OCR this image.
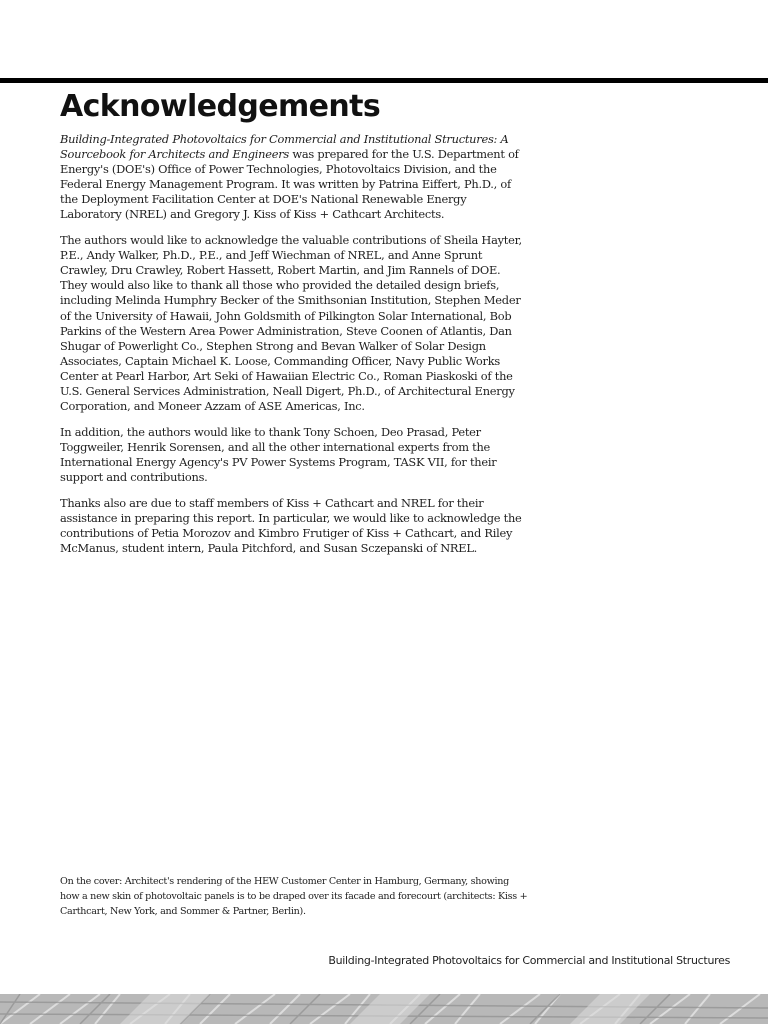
Acknowledgements

Building-Integrated Photovoltaics for Commercial and Institutional Structures: A Sourcebook for Architects and Engineers was prepared for the U.S. Department of Energy's (DOE's) Office of Power Technologies, Photovoltaics Division, and the Federal Energy Management Program. It was written by Patrina Eiffert, Ph.D., of the Deployment Facilitation Center at DOE's National Renewable Energy Laboratory (NREL) and Gregory J. Kiss of Kiss + Cathcart Architects.

The authors would like to acknowledge the valuable contributions of Sheila Hayter, P.E., Andy Walker, Ph.D., P.E., and Jeff Wiechman of NREL, and Anne Sprunt Crawley, Dru Crawley, Robert Hassett, Robert Martin, and Jim Rannels of DOE. They would also like to thank all those who provided the detailed design briefs, including Melinda Humphry Becker of the Smithsonian Institution, Stephen Meder of the University of Hawaii, John Goldsmith of Pilkington Solar International, Bob Parkins of the Western Area Power Administration, Steve Coonen of Atlantis, Dan Shugar of Powerlight Co., Stephen Strong and Bevan Walker of Solar Design Associates, Captain Michael K. Loose, Commanding Officer, Navy Public Works Center at Pearl Harbor, Art Seki of Hawaiian Electric Co., Roman Piaskoski of the U.S. General Services Administration, Neall Digert, Ph.D., of Architectural Energy Corporation, and Moneer Azzam of ASE Americas, Inc.

In addition, the authors would like to thank Tony Schoen, Deo Prasad, Peter Toggweiler, Henrik Sorensen, and all the other international experts from the International Energy Agency's PV Power Systems Program, TASK VII, for their support and contributions.

Thanks also are due to staff members of Kiss + Cathcart and NREL for their assistance in preparing this report. In particular, we would like to acknowledge the contributions of Petia Morozov and Kimbro Frutiger of Kiss + Cathcart, and Riley McManus, student intern, Paula Pitchford, and Susan Sczepanski of NREL.

On the cover: Architect's rendering of the HEW Customer Center in Hamburg, Germany, showing how a new skin of photovoltaic panels is to be draped over its facade and forecourt (architects: Kiss + Carthcart, New York, and Sommer & Partner, Berlin).

Building-Integrated Photovoltaics for Commercial and Institutional Structures
